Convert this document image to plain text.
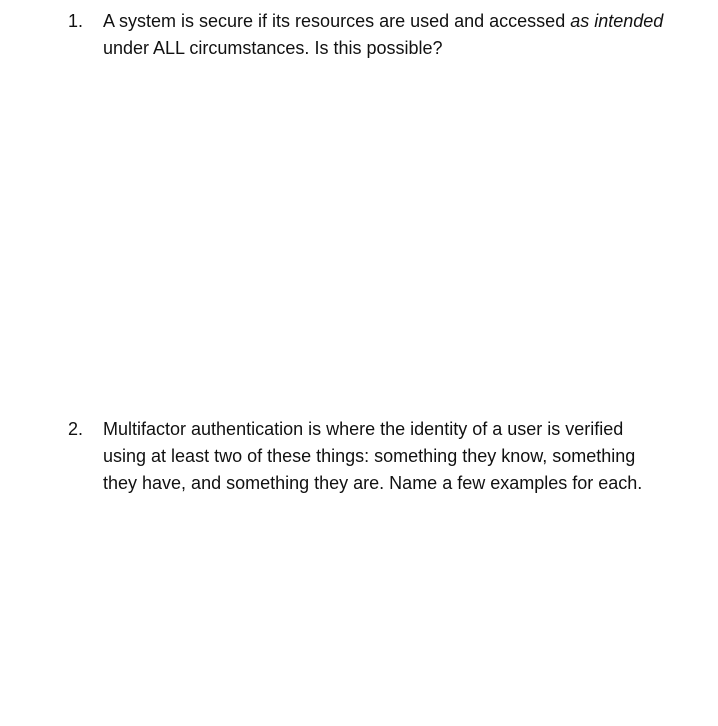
1. A system is secure if its resources are used and accessed as intended
under ALL circumstances. Is this possible?
2. Multifactor authentication is where the identity of a user is verified
using at least two of these things: something they know, something
they have, and something they are. Name a few examples for each.
